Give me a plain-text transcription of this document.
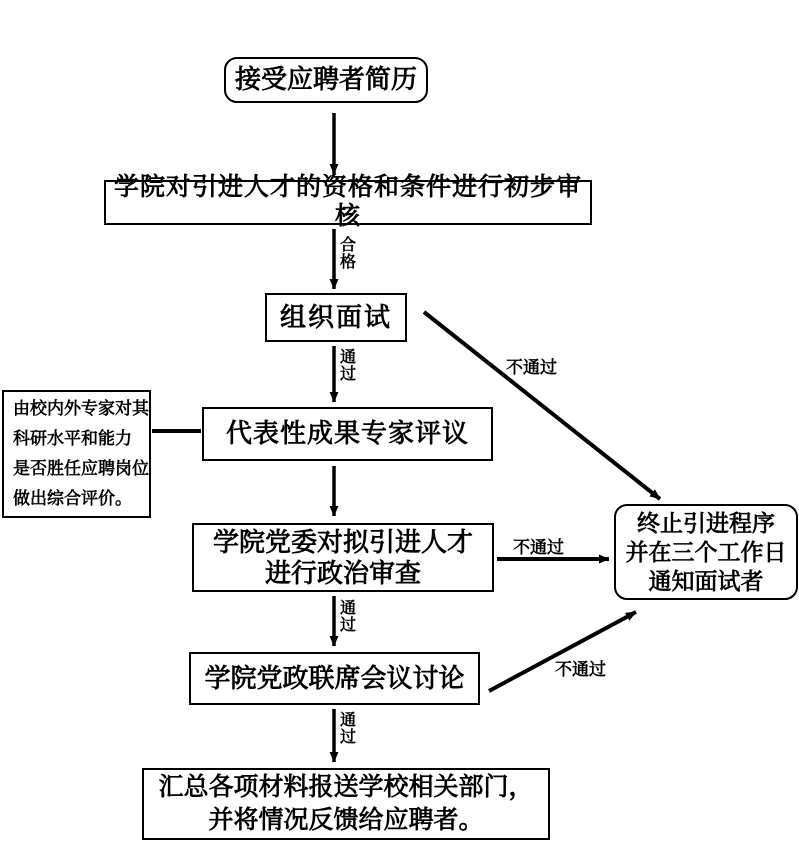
接受应聘者简历
学院对引进人才的资格和条件进行初步审核
组织面试
代表性成果专家评议
由校内外专家对其
科研水平和能力
是否胜任应聘岗位
做出综合评价。
学院党委对拟引进人才
进行政治审查
学院党政联席会议讨论
终止引进程序
并在三个工作日
通知面试者
汇总各项材料报送学校相关部门，
并将情况反馈给应聘者。
合格
通过
通过
通过
不通过
不通过
不通过
